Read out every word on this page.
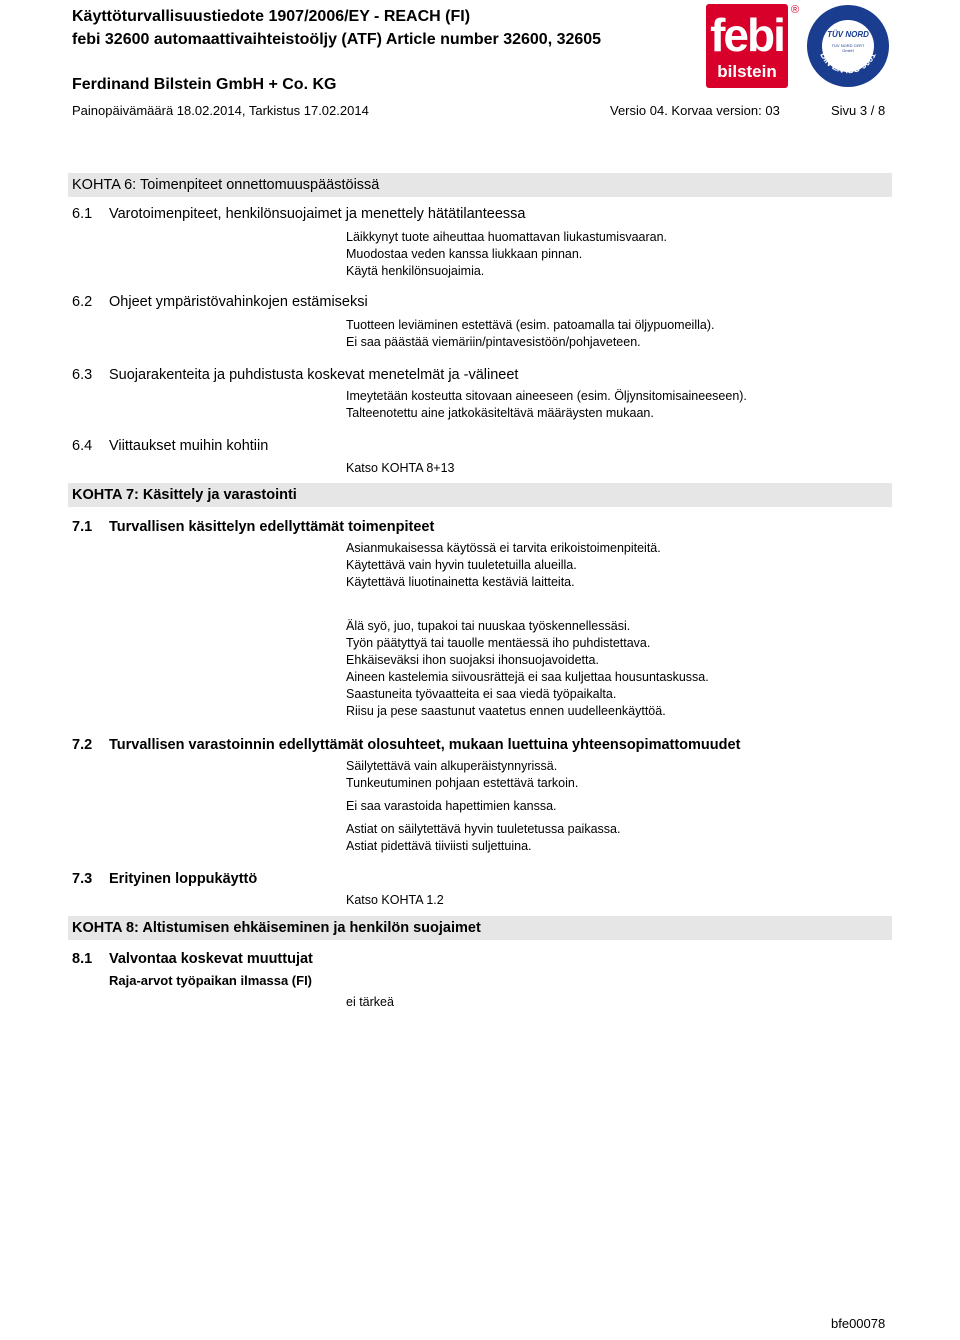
Käyttöturvallisuustiedote 1907/2006/EY - REACH (FI)
febi 32600 automaattivaihteistoöljy (ATF) Article number 32600, 32605
Ferdinand Bilstein GmbH + Co. KG
Painopäivämäärä 18.02.2014, Tarkistus 17.02.2014	Versio 04. Korvaa version: 03	Sivu 3 / 8
febi
bilstein
®
TÜV NORD
TÜV NORD CERT
GmbH
DIN EN ISO 9001
KOHTA 6: Toimenpiteet onnettomuuspäästöissä
6.1 Varotoimenpiteet, henkilönsuojaimet ja menettely hätätilanteessa
Läikkynyt tuote aiheuttaa huomattavan liukastumisvaaran.
Muodostaa veden kanssa liukkaan pinnan.
Käytä henkilönsuojaimia.
6.2 Ohjeet ympäristövahinkojen estämiseksi
Tuotteen leviäminen estettävä (esim. patoamalla tai öljypuomeilla).
Ei saa päästää viemäriin/pintavesistöön/pohjaveteen.
6.3 Suojarakenteita ja puhdistusta koskevat menetelmät ja -välineet
Imeytetään kosteutta sitovaan aineeseen (esim. Öljynsitomisaineeseen).
Talteenotettu aine jatkokäsiteltävä määräysten mukaan.
6.4 Viittaukset muihin kohtiin
Katso KOHTA 8+13
KOHTA 7: Käsittely ja varastointi
7.1 Turvallisen käsittelyn edellyttämät toimenpiteet
Asianmukaisessa käytössä ei tarvita erikoistoimenpiteitä.
Käytettävä vain hyvin tuuletetuilla alueilla.
Käytettävä liuotinainetta kestäviä laitteita.
Älä syö, juo, tupakoi tai nuuskaa työskennellessäsi.
Työn päätyttyä tai tauolle mentäessä iho puhdistettava.
Ehkäiseväksi ihon suojaksi ihonsuojavoidetta.
Aineen kastelemia siivousrättejä ei saa kuljettaa housuntaskussa.
Saastuneita työvaatteita ei saa viedä työpaikalta.
Riisu ja pese saastunut vaatetus ennen uudelleenkäyttöä.
7.2 Turvallisen varastoinnin edellyttämät olosuhteet, mukaan luettuina yhteensopimattomuudet
Säilytettävä vain alkuperäistynnyrissä.
Tunkeutuminen pohjaan estettävä tarkoin.
Ei saa varastoida hapettimien kanssa.
Astiat on säilytettävä hyvin tuuletetussa paikassa.
Astiat pidettävä tiiviisti suljettuina.
7.3 Erityinen loppukäyttö
Katso KOHTA 1.2
KOHTA 8: Altistumisen ehkäiseminen ja henkilön suojaimet
8.1 Valvontaa koskevat muuttujat
Raja-arvot työpaikan ilmassa (FI)
ei tärkeä
bfe00078
